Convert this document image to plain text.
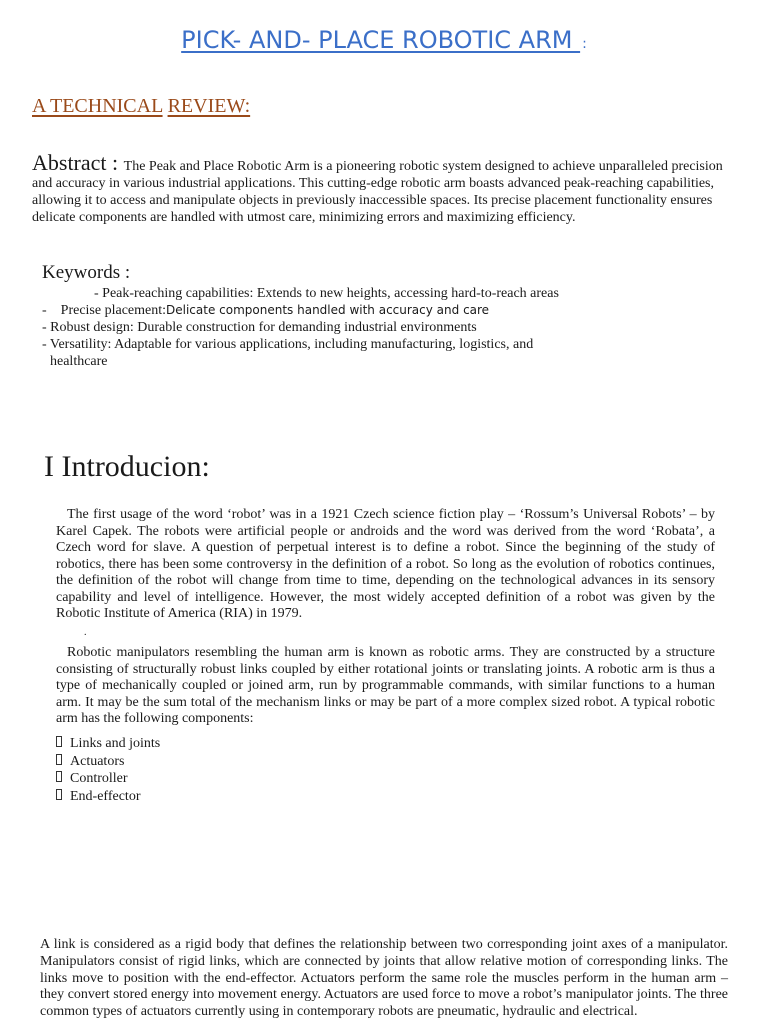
PICK- AND- PLACE ROBOTIC ARM :
A TECHNICAL REVIEW:
Abstract : The Peak and Place Robotic Arm is a pioneering robotic system designed to achieve unparalleled precision and accuracy in various industrial applications. This cutting-edge robotic arm boasts advanced peak-reaching capabilities, allowing it to access and manipulate objects in previously inaccessible spaces. Its precise placement functionality ensures delicate components are handled with utmost care, minimizing errors and maximizing efficiency.
Keywords :
- Peak-reaching capabilities: Extends to new heights, accessing hard-to-reach areas
-    Precise placement:Delicate components handled with accuracy and care
- Robust design: Durable construction for demanding industrial environments
- Versatility: Adaptable for various applications, including manufacturing, logistics, and
healthcare
I Introducion:
The first usage of the word ‘robot’ was in a 1921 Czech science fiction play – ‘Rossum’s Universal Robots’ – by Karel Capek. The robots were artificial people or androids and the word was derived from the word ‘Robata’, a Czech word for slave. A question of perpetual interest is to define a robot. Since the beginning of the study of robotics, there has been some controversy in the definition of a robot. So long as the evolution of robotics continues, the definition of the robot will change from time to time, depending on the technological advances in its sensory capability and level of intelligence. However, the most widely accepted definition of a robot was given by the Robotic Institute of America (RIA) in 1979.
.
Robotic manipulators resembling the human arm is known as robotic arms. They are constructed by a structure consisting of structurally robust links coupled by either rotational joints or translating joints. A robotic arm is thus a type of mechanically coupled or joined arm, run by programmable commands, with similar functions to a human arm. It may be the sum total of the mechanism links or may be part of a more complex sized robot. A typical robotic arm has the following components:
Links and joints
Actuators
Controller
End-effector
A link is considered as a rigid body that defines the relationship between two corresponding joint axes of a manipulator. Manipulators consist of rigid links, which are connected by joints that allow relative motion of corresponding links. The links move to position with the end-effector. Actuators perform the same role the muscles perform in the human arm – they convert stored energy into movement energy. Actuators are used force to move a robot’s manipulator joints. The three common types of actuators currently using in contemporary robots are pneumatic, hydraulic and electrical.
